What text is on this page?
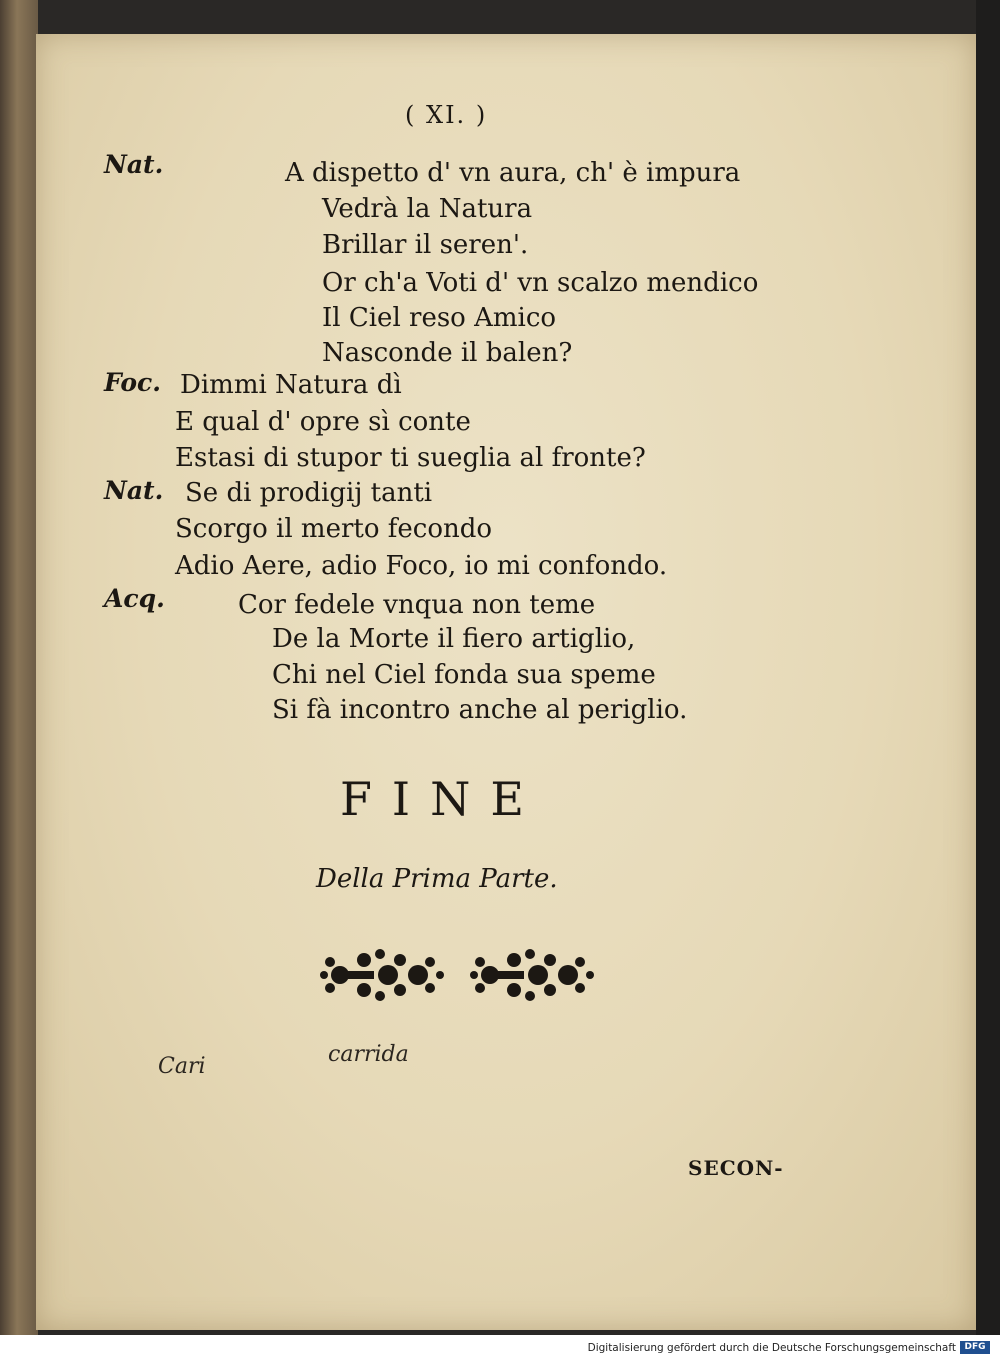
( XI. )
Nat.	A dispetto d' vn aura, ch' è impura
Vedrà la Natura
Brillar il seren'.
Or ch'a Voti d' vn scalzo mendico
Il Ciel reso Amico
Nasconde il balen?
Foc. Dimmi Natura dì
E qual d' opre sì conte
Estasi di stupor ti sueglia al fronte?
Nat. Se di prodigij tanti
Scorgo il merto fecondo
Adio Aere, adio Foco, io mi confondo.
Acq.	Cor fedele vnqua non teme
De la Morte il fiero artiglio,
Chi nel Ciel fonda sua speme
Si fà incontro anche al periglio.
FINE
Della Prima Parte.
Cari	carrida
SECON-
Digitalisierung gefördert durch die Deutsche Forschungsgemeinschaft DFG
